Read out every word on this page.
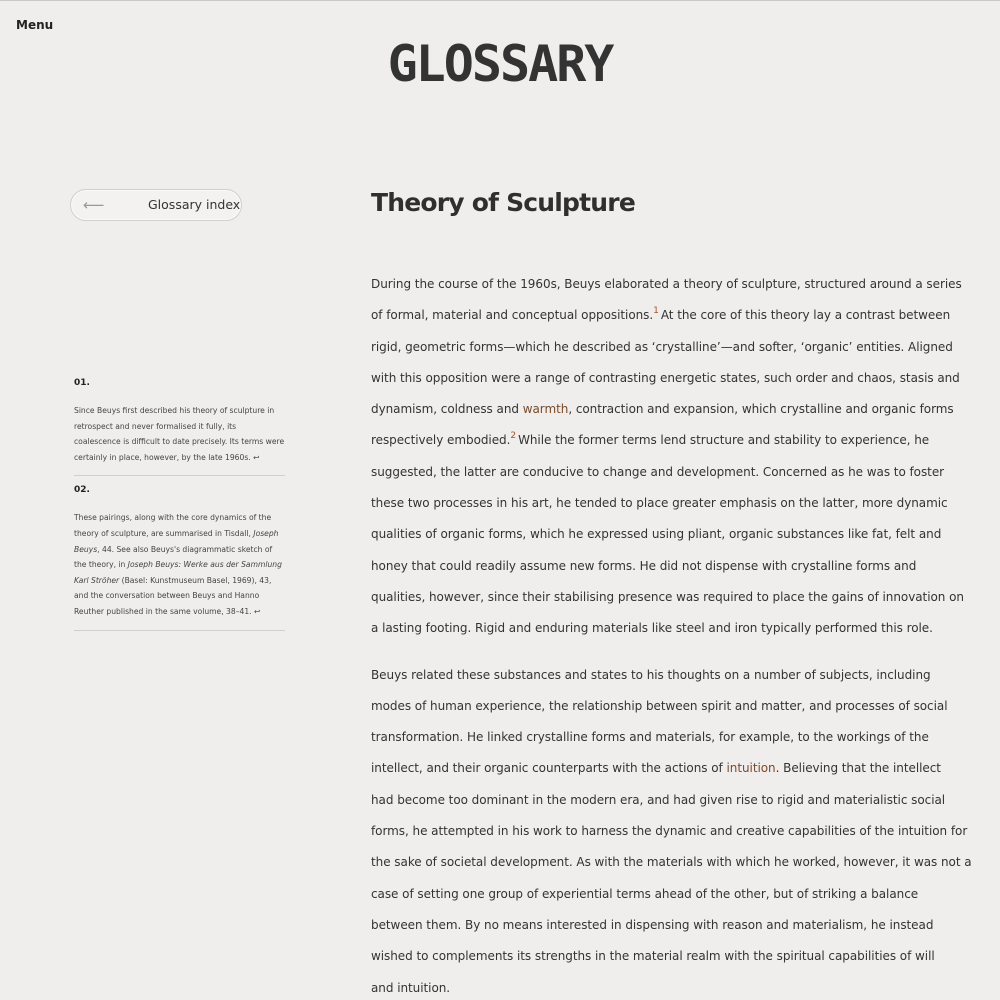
Menu
GLOSSARY
⟵	Glossary index
01.

Since Beuys first described his theory of sculpture in retrospect and never formalised it fully, its coalescence is difficult to date precisely. Its terms were certainly in place, however, by the late 1960s. ↩

02.

These pairings, along with the core dynamics of the theory of sculpture, are summarised in Tisdall, Joseph Beuys, 44. See also Beuys's diagrammatic sketch of the theory, in Joseph Beuys: Werke aus der Sammlung Karl Ströher (Basel: Kunstmuseum Basel, 1969), 43, and the conversation between Beuys and Hanno Reuther published in the same volume, 38–41. ↩

Theory of Sculpture

During the course of the 1960s, Beuys elaborated a theory of sculpture, structured around a series
of formal, material and conceptual oppositions.$^1$ At the core of this theory lay a contrast between
rigid, geometric forms—which he described as ‘crystalline’—and softer, ‘organic’ entities. Aligned
with this opposition were a range of contrasting energetic states, such order and chaos, stasis and
dynamism, coldness and warmth, contraction and expansion, which crystalline and organic forms
respectively embodied.$^2$ While the former terms lend structure and stability to experience, he
suggested, the latter are conducive to change and development. Concerned as he was to foster
these two processes in his art, he tended to place greater emphasis on the latter, more dynamic
qualities of organic forms, which he expressed using pliant, organic substances like fat, felt and
honey that could readily assume new forms. He did not dispense with crystalline forms and
qualities, however, since their stabilising presence was required to place the gains of innovation on
a lasting footing. Rigid and enduring materials like steel and iron typically performed this role.

Beuys related these substances and states to his thoughts on a number of subjects, including
modes of human experience, the relationship between spirit and matter, and processes of social
transformation. He linked crystalline forms and materials, for example, to the workings of the
intellect, and their organic counterparts with the actions of intuition. Believing that the intellect
had become too dominant in the modern era, and had given rise to rigid and materialistic social
forms, he attempted in his work to harness the dynamic and creative capabilities of the intuition for
the sake of societal development. As with the materials with which he worked, however, it was not a
case of setting one group of experiential terms ahead of the other, but of striking a balance
between them. By no means interested in dispensing with reason and materialism, he instead
wished to complements its strengths in the material realm with the spiritual capabilities of will
and intuition.
